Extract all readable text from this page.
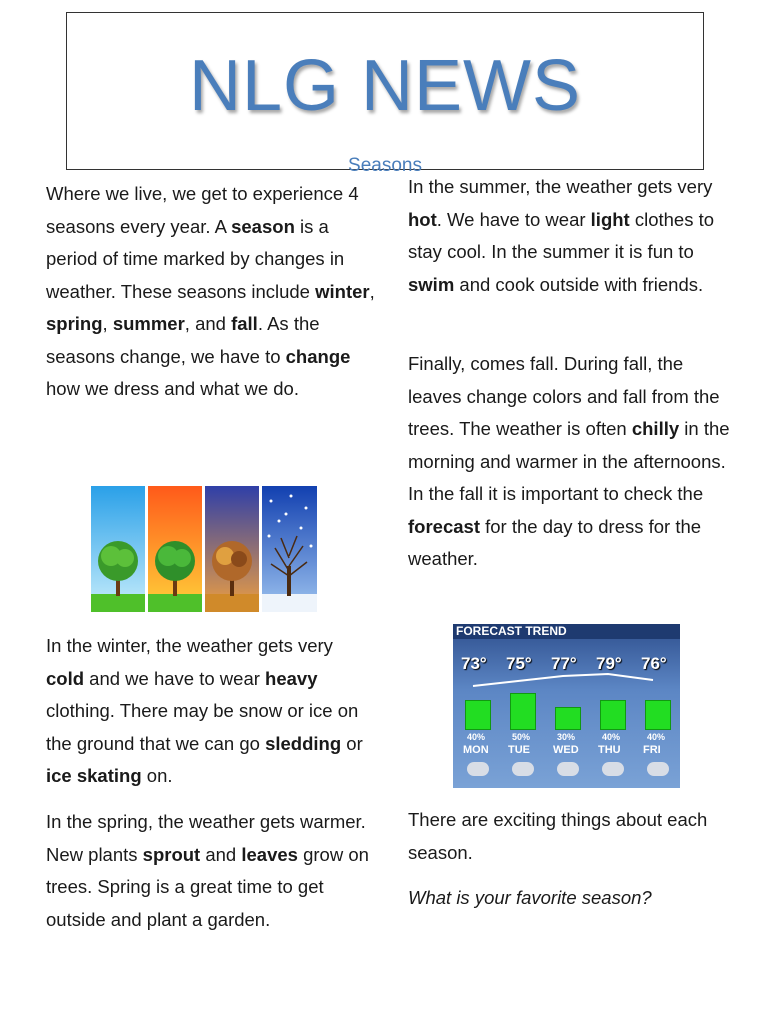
NLG NEWS
Seasons

Where we live, we get to experience 4 seasons every year. A season is a period of time marked by changes in weather. These seasons include winter, spring, summer, and fall. As the seasons change, we have to change how we dress and what we do.

In the winter, the weather gets very cold and we have to wear heavy clothing. There may be snow or ice on the ground that we can go sledding or ice skating on.

In the spring, the weather gets warmer. New plants sprout and leaves grow on trees. Spring is a great time to get outside and plant a garden.

In the summer, the weather gets very hot. We have to wear light clothes to stay cool. In the summer it is fun to swim and cook outside with friends.

Finally, comes fall. During fall, the leaves change colors and fall from the trees. The weather is often chilly in the morning and warmer in the afternoons. In the fall it is important to check the forecast for the day to dress for the weather.

FORECAST TREND
73°
40%
MON
75°
50%
TUE
77°
30%
WED
79°
40%
THU
76°
40%
FRI

There are exciting things about each season.

What is your favorite season?
